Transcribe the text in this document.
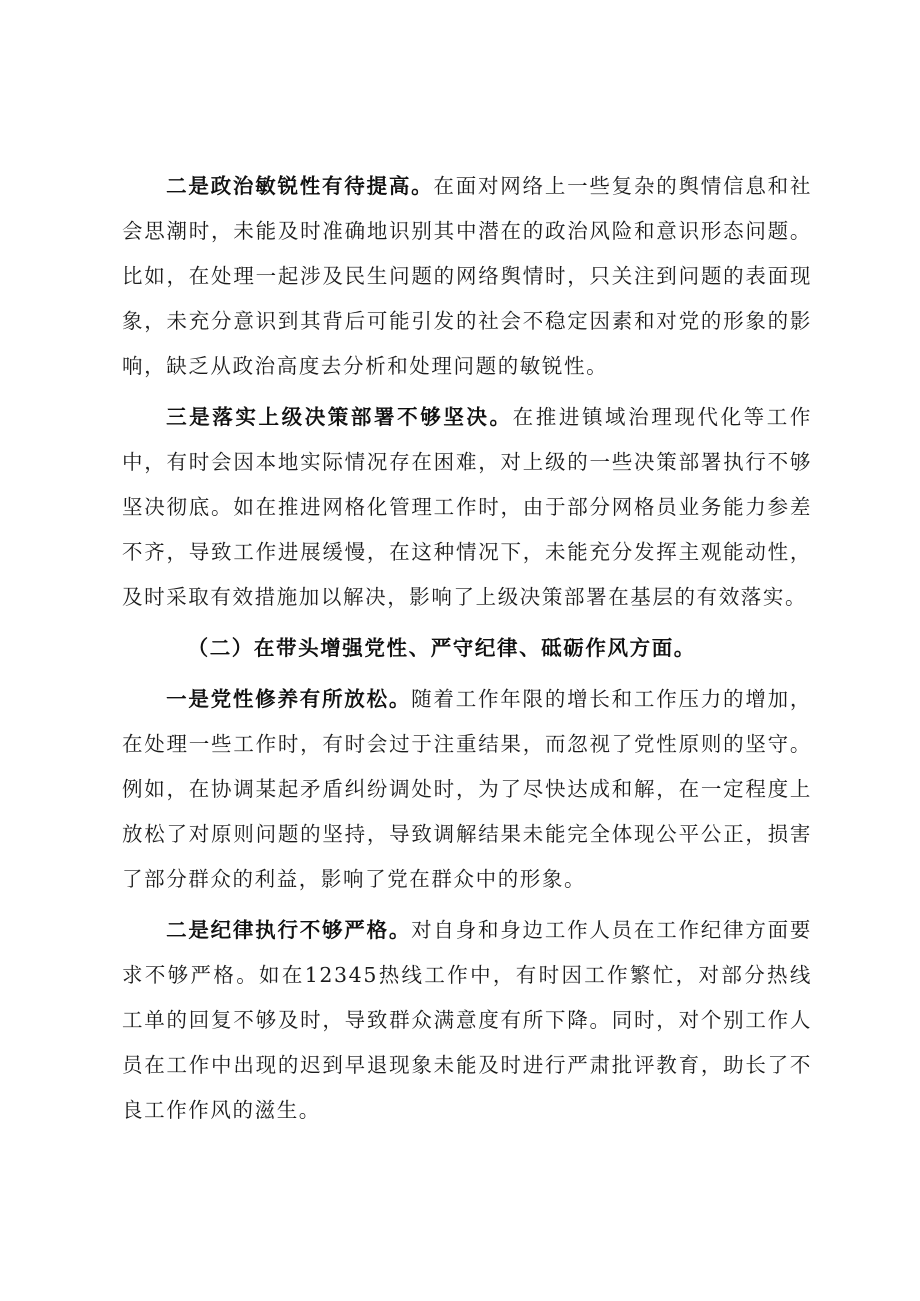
二是政治敏锐性有待提高。在面对网络上一些复杂的舆情信息和社会思潮时，未能及时准确地识别其中潜在的政治风险和意识形态问题。比如，在处理一起涉及民生问题的网络舆情时，只关注到问题的表面现象，未充分意识到其背后可能引发的社会不稳定因素和对党的形象的影响，缺乏从政治高度去分析和处理问题的敏锐性。

三是落实上级决策部署不够坚决。在推进镇域治理现代化等工作中，有时会因本地实际情况存在困难，对上级的一些决策部署执行不够坚决彻底。如在推进网格化管理工作时，由于部分网格员业务能力参差不齐，导致工作进展缓慢，在这种情况下，未能充分发挥主观能动性，及时采取有效措施加以解决，影响了上级决策部署在基层的有效落实。

（二）在带头增强党性、严守纪律、砥砺作风方面。

一是党性修养有所放松。随着工作年限的增长和工作压力的增加，在处理一些工作时，有时会过于注重结果，而忽视了党性原则的坚守。例如，在协调某起矛盾纠纷调处时，为了尽快达成和解，在一定程度上放松了对原则问题的坚持，导致调解结果未能完全体现公平公正，损害了部分群众的利益，影响了党在群众中的形象。

二是纪律执行不够严格。对自身和身边工作人员在工作纪律方面要求不够严格。如在12345热线工作中，有时因工作繁忙，对部分热线工单的回复不够及时，导致群众满意度有所下降。同时，对个别工作人员在工作中出现的迟到早退现象未能及时进行严肃批评教育，助长了不良工作作风的滋生。
